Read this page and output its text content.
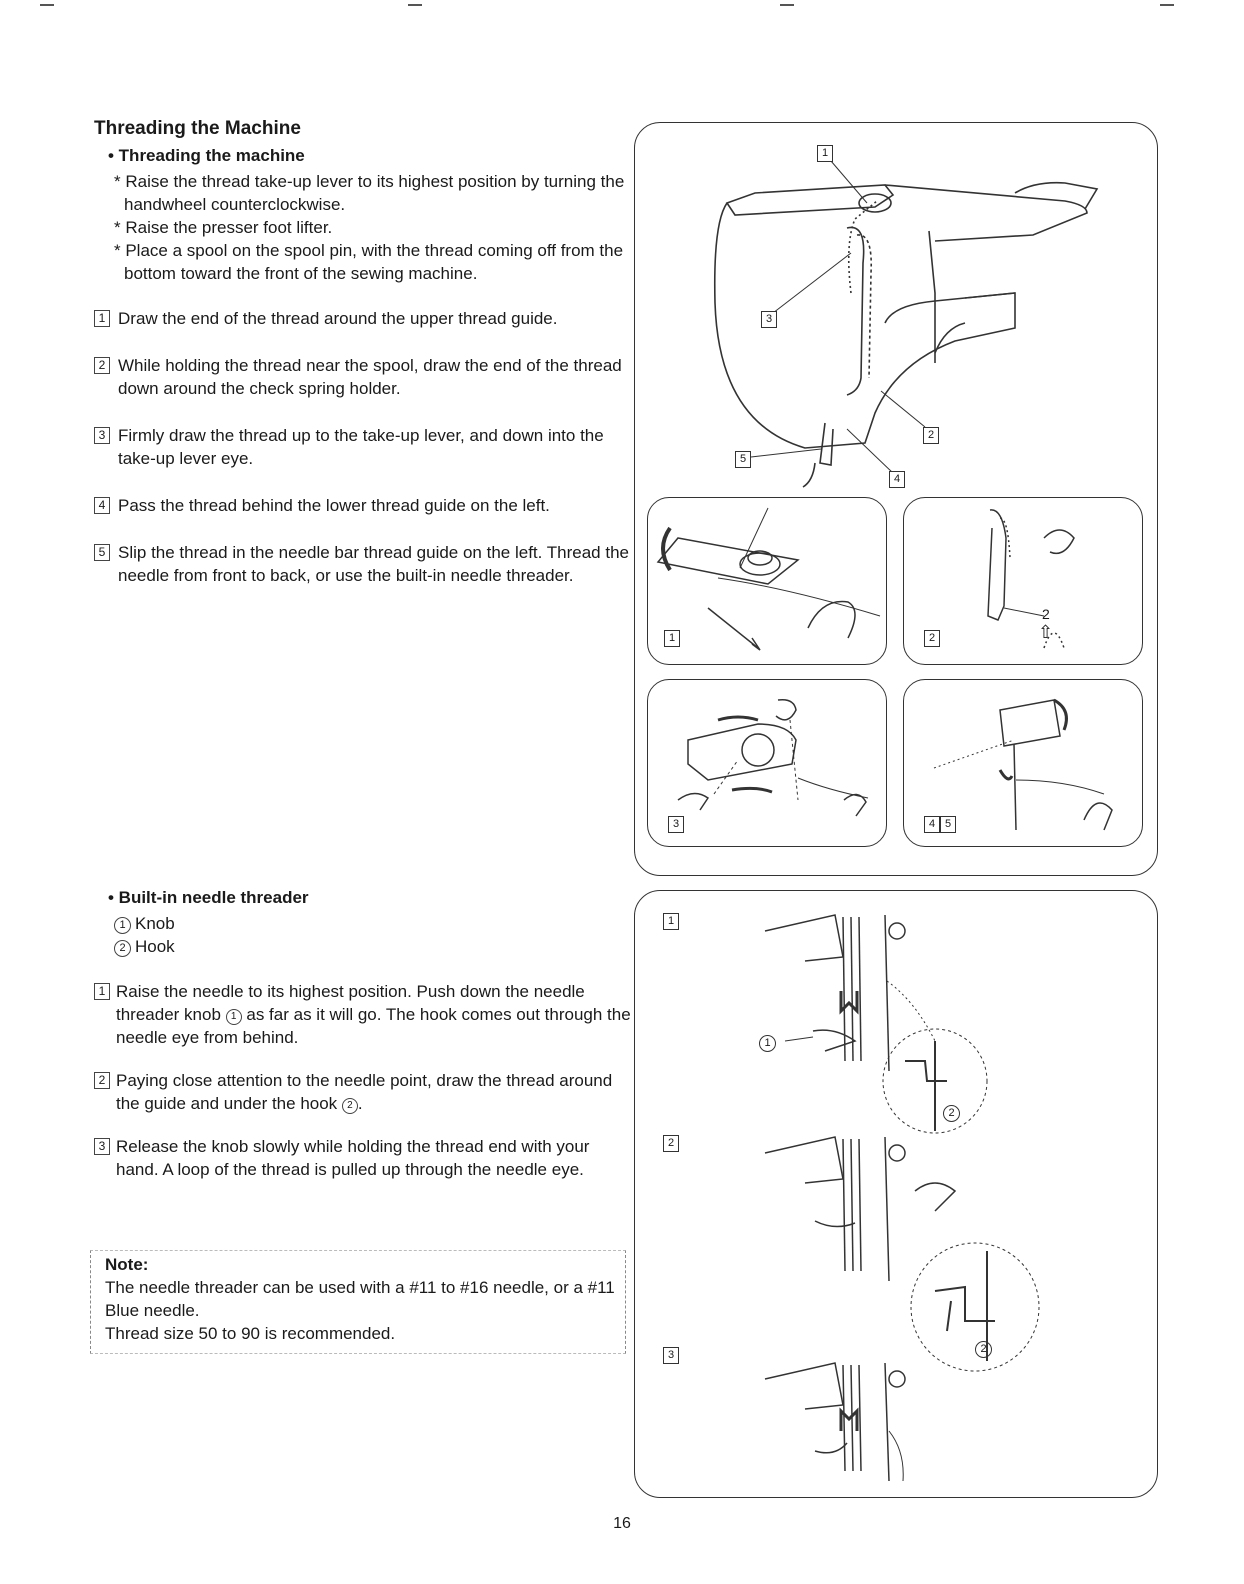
Threading the Machine
• Threading the machine
* Raise the thread take-up lever to its highest position by turning the handwheel counterclockwise.
* Raise the presser foot lifter.
* Place a spool on the spool pin, with the thread coming off from the bottom toward the front of the sewing machine.
1 Draw the end of the thread around the upper thread guide.
2 While holding the thread near the spool, draw the end of the thread down around the check spring holder.
3 Firmly draw the thread up to the take-up lever, and down into the take-up lever eye.
4 Pass the thread behind the lower thread guide on the left.
5 Slip the thread in the needle bar thread guide on the left. Thread the needle from front to back, or use the built-in needle threader.
• Built-in needle threader
1 Knob
2 Hook
1 Raise the needle to its highest position. Push down the needle threader knob 1 as far as it will go. The hook comes out through the needle eye from behind.
2 Paying close attention to the needle point, draw the thread around the guide and under the hook 2 .
3 Release the knob slowly while holding the thread end with your hand. A loop of the thread is pulled up through the needle eye.
Note:
The needle threader can be used with a #11 to #16 needle, or a #11 Blue needle.
Thread size 50 to 90 is recommended.
1
2
3
4
5
1	2
2
⇧
3	4 5
1
2
3
1
2
2
16
